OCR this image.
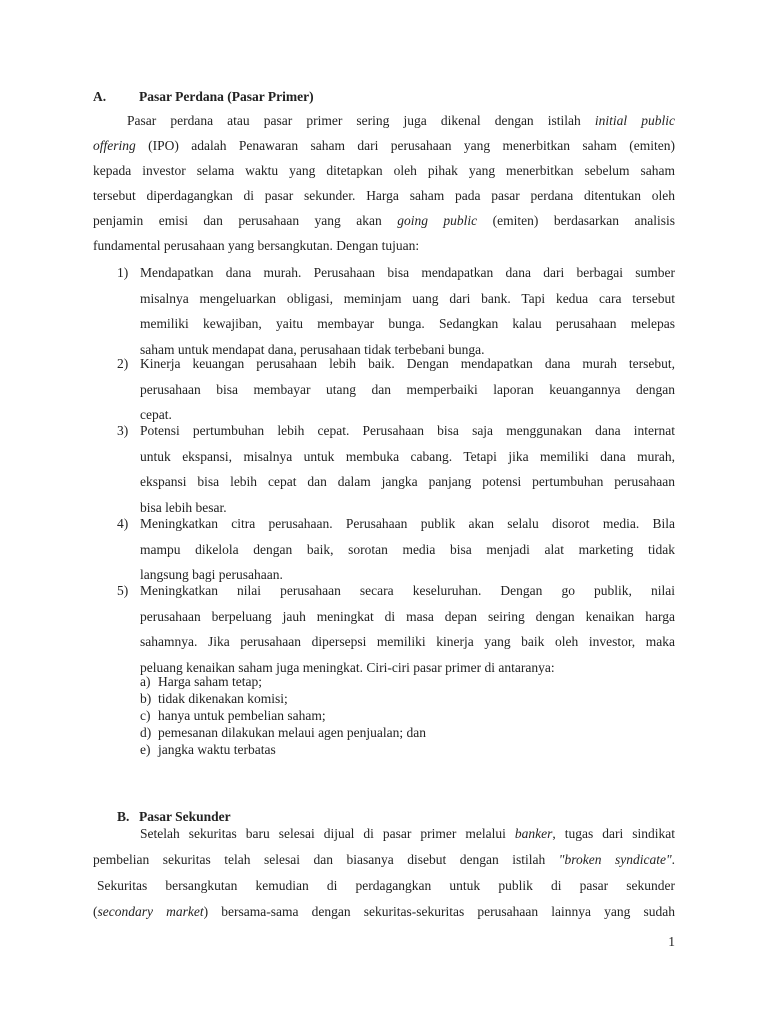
A. Pasar Perdana (Pasar Primer)
Pasar perdana atau pasar primer sering juga dikenal dengan istilah initial public
offering (IPO) adalah Penawaran saham dari perusahaan yang menerbitkan saham (emiten)
kepada investor selama waktu yang ditetapkan oleh pihak yang menerbitkan sebelum saham
tersebut diperdagangkan di pasar sekunder. Harga saham pada pasar perdana ditentukan oleh
penjamin emisi dan perusahaan yang akan going public (emiten) berdasarkan analisis
fundamental perusahaan yang bersangkutan. Dengan tujuan:
1) Mendapatkan dana murah. Perusahaan bisa mendapatkan dana dari berbagai sumber
misalnya mengeluarkan obligasi, meminjam uang dari bank. Tapi kedua cara tersebut
memiliki kewajiban, yaitu membayar bunga. Sedangkan kalau perusahaan melepas
saham untuk mendapat dana, perusahaan tidak terbebani bunga.
2) Kinerja keuangan perusahaan lebih baik. Dengan mendapatkan dana murah tersebut,
perusahaan bisa membayar utang dan memperbaiki laporan keuangannya dengan
cepat.
3) Potensi pertumbuhan lebih cepat. Perusahaan bisa saja menggunakan dana internat
untuk ekspansi, misalnya untuk membuka cabang. Tetapi jika memiliki dana murah,
ekspansi bisa lebih cepat dan dalam jangka panjang potensi pertumbuhan perusahaan
bisa lebih besar.
4) Meningkatkan citra perusahaan. Perusahaan publik akan selalu disorot media. Bila
mampu dikelola dengan baik, sorotan media bisa menjadi alat marketing tidak
langsung bagi perusahaan.
5) Meningkatkan nilai perusahaan secara keseluruhan. Dengan go publik, nilai
perusahaan berpeluang jauh meningkat di masa depan seiring dengan kenaikan harga
sahamnya. Jika perusahaan dipersepsi memiliki kinerja yang baik oleh investor, maka
peluang kenaikan saham juga meningkat. Ciri-ciri pasar primer di antaranya:
a) Harga saham tetap;
b) tidak dikenakan komisi;
c) hanya untuk pembelian saham;
d) pemesanan dilakukan melaui agen penjualan; dan
e) jangka waktu terbatas
B. Pasar Sekunder
Setelah sekuritas baru selesai dijual di pasar primer melalui banker, tugas dari sindikat
pembelian sekuritas telah selesai dan biasanya disebut dengan istilah "broken syndicate".
Sekuritas bersangkutan kemudian di perdagangkan untuk publik di pasar sekunder
(secondary market) bersama-sama dengan sekuritas-sekuritas perusahaan lainnya yang sudah
1
